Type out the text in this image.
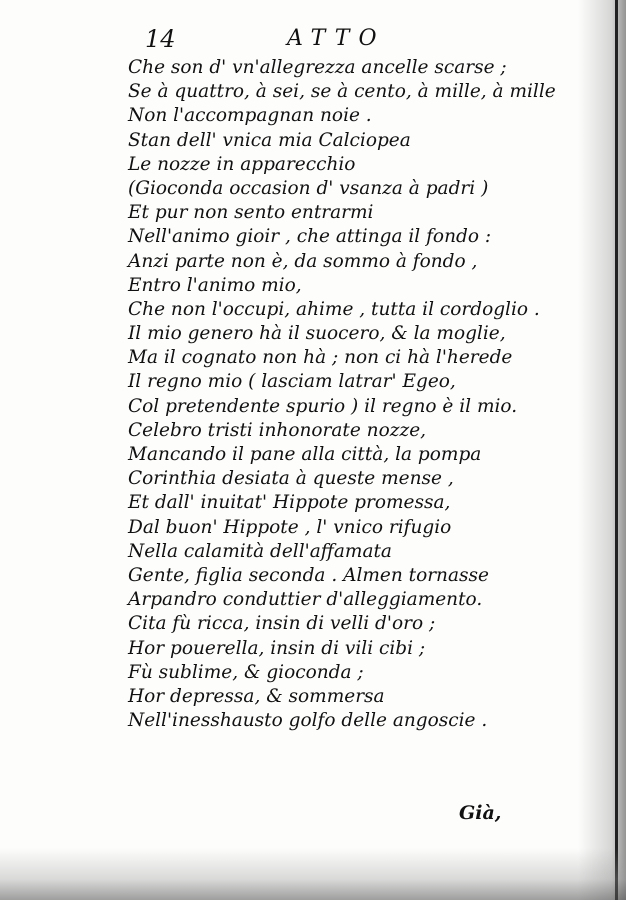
14	ATTO
Che son d' vn'allegrezza ancelle scarse ;
Se à quattro, à sei, se à cento, à mille, à mille
Non l'accompagnan noie .
Stan dell' vnica mia Calciopea
Le nozze in apparecchio
(Gioconda occasion d' vsanza à padri )
Et pur non sento entrarmi
Nell'animo gioir , che attinga il fondo :
Anzi parte non è, da sommo à fondo ,
Entro l'animo mio,
Che non l'occupi, ahime , tutta il cordoglio .
Il mio genero hà il suocero, & la moglie,
Ma il cognato non hà ; non ci hà l'herede
Il regno mio ( lasciam latrar' Egeo,
Col pretendente spurio ) il regno è il mio.
Celebro tristi inhonorate nozze,
Mancando il pane alla città, la pompa
Corinthia desiata à queste mense ,
Et dall' inuitat' Hippote promessa,
Dal buon' Hippote , l' vnico rifugio
Nella calamità dell'affamata
Gente, figlia seconda . Almen tornasse
Arpandro conduttier d'alleggiamento.
Cita fù ricca, insin di velli d'oro ;
Hor pouerella, insin di vili cibi ;
Fù sublime, & gioconda ;
Hor depressa, & sommersa
Nell'inesshausto golfo delle angoscie .
Già,
